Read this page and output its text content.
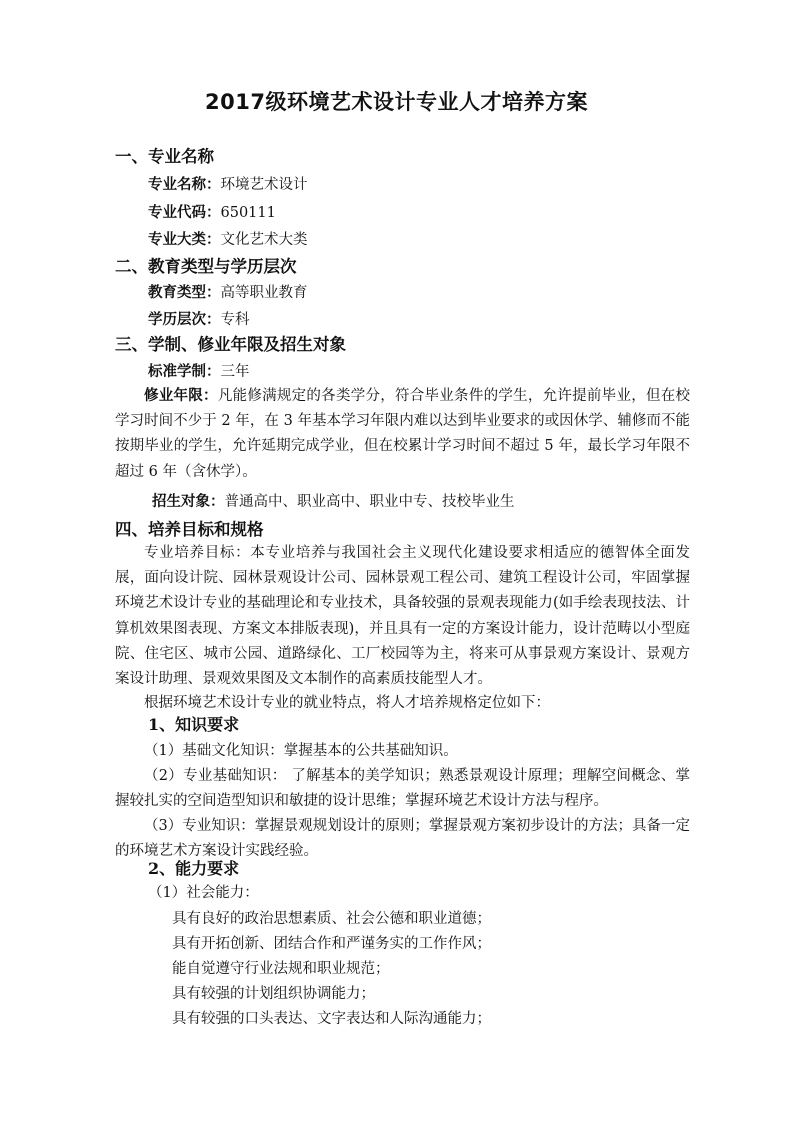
2017级环境艺术设计专业人才培养方案
一、专业名称
专业名称：环境艺术设计
专业代码：650111
专业大类：文化艺术大类
二、教育类型与学历层次
教育类型：高等职业教育
学历层次：专科
三、学制、修业年限及招生对象
标准学制：三年
修业年限：凡能修满规定的各类学分，符合毕业条件的学生，允许提前毕业，但在校学习时间不少于 2 年，在 3 年基本学习年限内难以达到毕业要求的或因休学、辅修而不能按期毕业的学生，允许延期完成学业，但在校累计学习时间不超过 5 年，最长学习年限不超过 6 年（含休学）。
招生对象：普通高中、职业高中、职业中专、技校毕业生
四、培养目标和规格
专业培养目标：本专业培养与我国社会主义现代化建设要求相适应的德智体全面发展，面向设计院、园林景观设计公司、园林景观工程公司、建筑工程设计公司，牢固掌握环境艺术设计专业的基础理论和专业技术，具备较强的景观表现能力(如手绘表现技法、计算机效果图表现、方案文本排版表现)，并且具有一定的方案设计能力，设计范畴以小型庭院、住宅区、城市公园、道路绿化、工厂校园等为主，将来可从事景观方案设计、景观方案设计助理、景观效果图及文本制作的高素质技能型人才。
根据环境艺术设计专业的就业特点，将人才培养规格定位如下：
1、知识要求
（1）基础文化知识：掌握基本的公共基础知识。
（2）专业基础知识： 了解基本的美学知识；熟悉景观设计原理；理解空间概念、掌握较扎实的空间造型知识和敏捷的设计思维；掌握环境艺术设计方法与程序。
（3）专业知识：掌握景观规划设计的原则；掌握景观方案初步设计的方法；具备一定的环境艺术方案设计实践经验。
2、能力要求
（1）社会能力：
具有良好的政治思想素质、社会公德和职业道德；
具有开拓创新、团结合作和严谨务实的工作作风；
能自觉遵守行业法规和职业规范；
具有较强的计划组织协调能力；
具有较强的口头表达、文字表达和人际沟通能力；
